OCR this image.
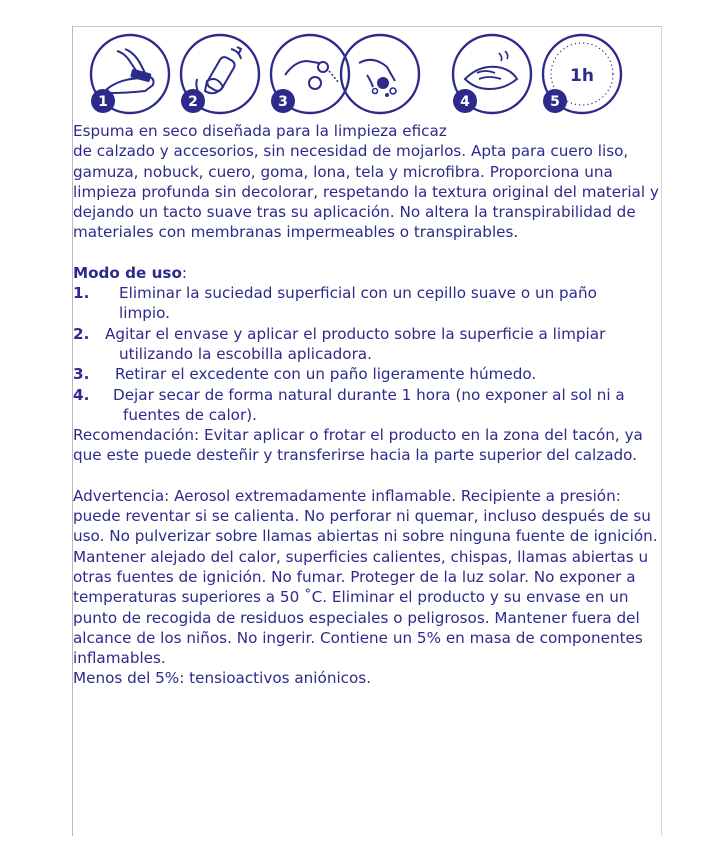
1	2	3	4
1h
5

Espuma en seco diseñada para la limpieza eficaz

de calzado y accesorios, sin necesidad de mojarlos. Apta para cuero liso, gamuza, nobuck, cuero, goma, lona, tela y microfibra. Proporciona una limpieza profunda sin decolorar, respetando la textura original del material y dejando un tacto suave tras su aplicación. No altera la transpirabilidad de materiales con membranas impermeables o transpirables.

Modo de uso:

1.	Eliminar la suciedad superficial con un cepillo suave o un paño

limpio.

2.	Agitar el envase y aplicar el producto sobre la superficie a limpiar

utilizando la escobilla aplicadora.

3.	Retirar el excedente con un paño ligeramente húmedo.
4.	Dejar secar de forma natural durante 1 hora (no exponer al sol ni a

fuentes de calor).

Recomendación: Evitar aplicar o frotar el producto en la zona del tacón, ya que este puede desteñir y transferirse hacia la parte superior del calzado.

Advertencia: Aerosol extremadamente inflamable. Recipiente a presión: puede reventar si se calienta. No perforar ni quemar, incluso después de su uso. No pulverizar sobre llamas abiertas ni sobre ninguna fuente de ignición. Mantener alejado del calor, superficies calientes, chispas, llamas abiertas u otras fuentes de ignición. No fumar. Proteger de la luz solar. No exponer a temperaturas superiores a 50 ˚C. Eliminar el producto y su envase en un punto de recogida de residuos especiales o peligrosos. Mantener fuera del alcance de los niños. No ingerir. Contiene un 5% en masa de componentes inflamables.

Menos del 5%: tensioactivos aniónicos.
